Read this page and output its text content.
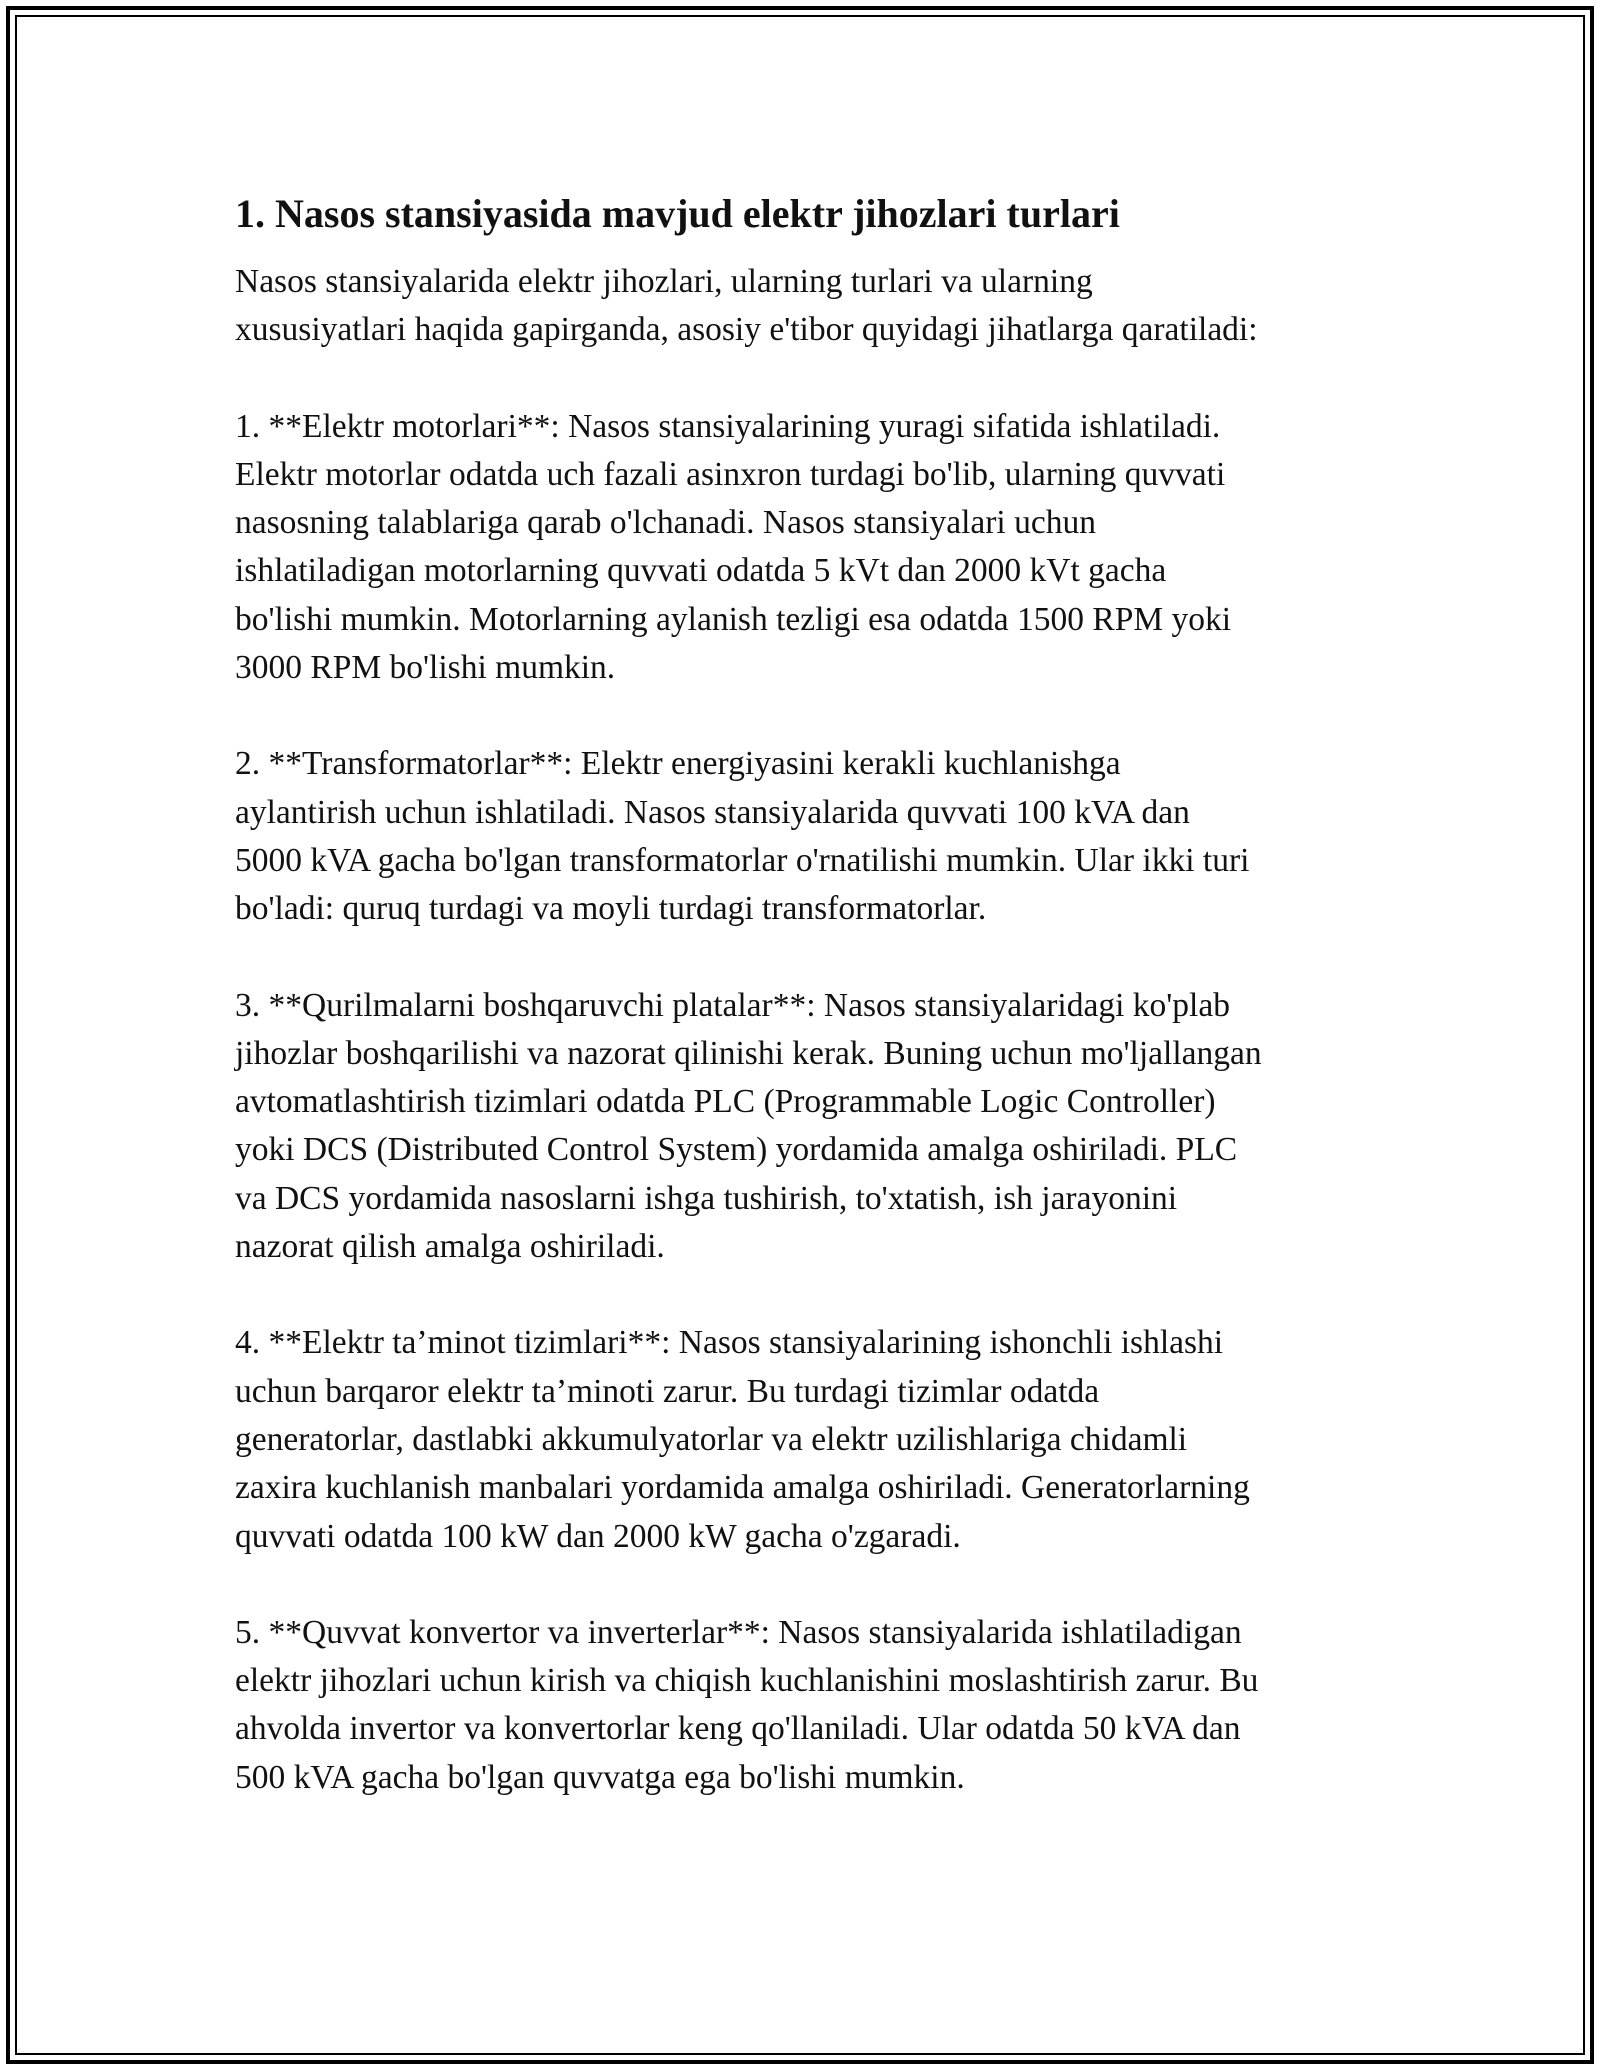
1. Nasos stansiyasida mavjud elektr jihozlari turlari

Nasos stansiyalarida elektr jihozlari, ularning turlari va ularning
xususiyatlari haqida gapirganda, asosiy e'tibor quyidagi jihatlarga qaratiladi:

1. **Elektr motorlari**: Nasos stansiyalarining yuragi sifatida ishlatiladi.
Elektr motorlar odatda uch fazali asinxron turdagi bo'lib, ularning quvvati
nasosning talablariga qarab o'lchanadi. Nasos stansiyalari uchun
ishlatiladigan motorlarning quvvati odatda 5 kVt dan 2000 kVt gacha
bo'lishi mumkin. Motorlarning aylanish tezligi esa odatda 1500 RPM yoki
3000 RPM bo'lishi mumkin.

2. **Transformatorlar**: Elektr energiyasini kerakli kuchlanishga
aylantirish uchun ishlatiladi. Nasos stansiyalarida quvvati 100 kVA dan
5000 kVA gacha bo'lgan transformatorlar o'rnatilishi mumkin. Ular ikki turi
bo'ladi: quruq turdagi va moyli turdagi transformatorlar.

3. **Qurilmalarni boshqaruvchi platalar**: Nasos stansiyalaridagi ko'plab
jihozlar boshqarilishi va nazorat qilinishi kerak. Buning uchun mo'ljallangan
avtomatlashtirish tizimlari odatda PLC (Programmable Logic Controller)
yoki DCS (Distributed Control System) yordamida amalga oshiriladi. PLC
va DCS yordamida nasoslarni ishga tushirish, to'xtatish, ish jarayonini
nazorat qilish amalga oshiriladi.

4. **Elektr ta’minot tizimlari**: Nasos stansiyalarining ishonchli ishlashi
uchun barqaror elektr ta’minoti zarur. Bu turdagi tizimlar odatda
generatorlar, dastlabki akkumulyatorlar va elektr uzilishlariga chidamli
zaxira kuchlanish manbalari yordamida amalga oshiriladi. Generatorlarning
quvvati odatda 100 kW dan 2000 kW gacha o'zgaradi.

5. **Quvvat konvertor va inverterlar**: Nasos stansiyalarida ishlatiladigan
elektr jihozlari uchun kirish va chiqish kuchlanishini moslashtirish zarur. Bu
ahvolda invertor va konvertorlar keng qo'llaniladi. Ular odatda 50 kVA dan
500 kVA gacha bo'lgan quvvatga ega bo'lishi mumkin.
